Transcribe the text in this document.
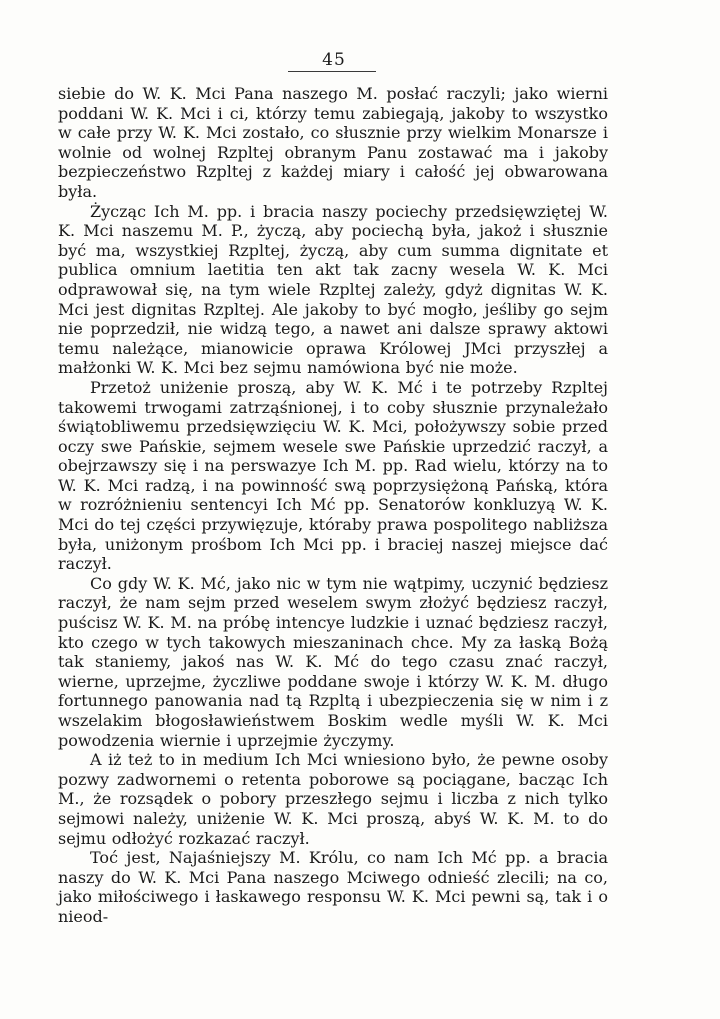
45

siebie do W. K. Mci Pana naszego M. posłać raczyli; jako wierni poddani W. K. Mci i ci, którzy temu zabiegają, jakoby to wszystko w całe przy W. K. Mci zostało, co słusznie przy wielkim Monarsze i wolnie od wolnej Rzpltej obranym Panu zostawać ma i jakoby bezpieczeństwo Rzpltej z każdej miary i całość jej obwarowana była.

Życząc Ich M. pp. i bracia naszy pociechy przedsięwziętej W. K. Mci naszemu M. P., życzą, aby pociechą była, jakoż i słusznie być ma, wszystkiej Rzpltej, życzą, aby cum summa dignitate et publica omnium laetitia ten akt tak zacny wesela W. K. Mci odprawował się, na tym wiele Rzpltej zależy, gdyż dignitas W. K. Mci jest dignitas Rzpltej. Ale jakoby to być mogło, jeśliby go sejm nie poprzedził, nie widzą tego, a nawet ani dalsze sprawy aktowi temu należące, mianowicie oprawa Królowej JMci przyszłej a małżonki W. K. Mci bez sejmu namówiona być nie może.

Przetoż uniżenie proszą, aby W. K. Mć i te potrzeby Rzpltej takowemi trwogami zatrząśnionej, i to coby słusznie przynależało świątobliwemu przedsięwzięciu W. K. Mci, położywszy sobie przed oczy swe Pańskie, sejmem wesele swe Pańskie uprzedzić raczył, a obejrzawszy się i na perswazye Ich M. pp. Rad wielu, którzy na to W. K. Mci radzą, i na powinność swą poprzysiężoną Pańską, która w rozróżnieniu sentencyi Ich Mć pp. Senatorów konkluzyą W. K. Mci do tej części przywięzuje, któraby prawa pospolitego nabliższa była, uniżonym prośbom Ich Mci pp. i braciej naszej miejsce dać raczył.

Co gdy W. K. Mć, jako nic w tym nie wątpimy, uczynić będziesz raczył, że nam sejm przed weselem swym złożyć będziesz raczył, puścisz W. K. M. na próbę intencye ludzkie i uznać będziesz raczył, kto czego w tych takowych mieszaninach chce. My za łaską Bożą tak staniemy, jakoś nas W. K. Mć do tego czasu znać raczył, wierne, uprzejme, życzliwe poddane swoje i którzy W. K. M. długo fortunnego panowania nad tą Rzpltą i ubezpieczenia się w nim i z wszelakim błogosławieństwem Boskim wedle myśli W. K. Mci powodzenia wiernie i uprzejmie życzymy.

A iż też to in medium Ich Mci wniesiono było, że pewne osoby pozwy zadwornemi o retenta poborowe są pociągane, bacząc Ich M., że rozsądek o pobory przeszłego sejmu i liczba z nich tylko sejmowi należy, uniżenie W. K. Mci proszą, abyś W. K. M. to do sejmu odłożyć rozkazać raczył.

Toć jest, Najaśniejszy M. Królu, co nam Ich Mć pp. a bracia naszy do W. K. Mci Pana naszego Mciwego odnieść zlecili; na co, jako miłościwego i łaskawego responsu W. K. Mci pewni są, tak i o nieod-
